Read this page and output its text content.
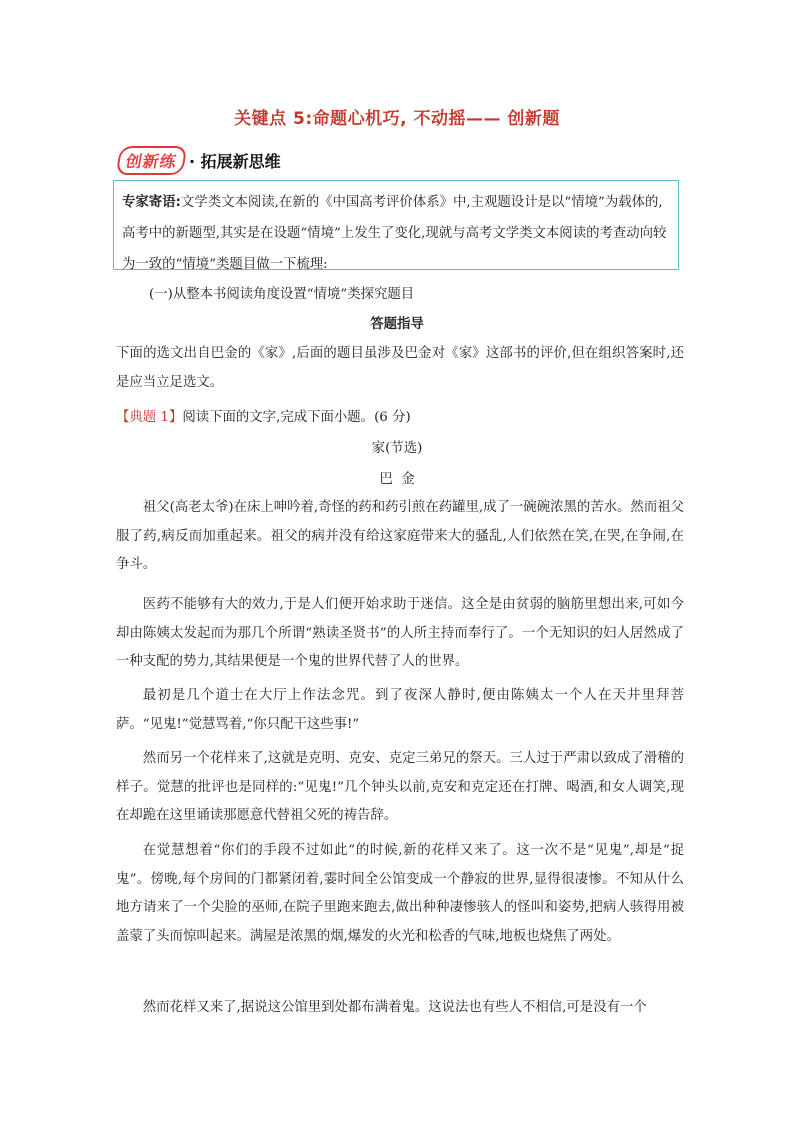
关键点 5:命题心机巧, 不动摇—— 创新题
创新练 · 拓展新思维
专家寄语:文学类文本阅读,在新的《中国高考评价体系》中,主观题设计是以“情境”为载体的,高考中的新题型,其实是在设题“情境”上发生了变化,现就与高考文学类文本阅读的考查动向较为一致的“情境”类题目做一下梳理:
(一)从整本书阅读角度设置“情境”类探究题目
答题指导
下面的选文出自巴金的《家》,后面的题目虽涉及巴金对《家》这部书的评价,但在组织答案时,还是应当立足选文。
【典题 1】阅读下面的文字,完成下面小题。(6 分)
家(节选)
巴  金
祖父(高老太爷)在床上呻吟着,奇怪的药和药引煎在药罐里,成了一碗碗浓黑的苦水。然而祖父服了药,病反而加重起来。祖父的病并没有给这家庭带来大的骚乱,人们依然在笑,在哭,在争闹,在争斗。
医药不能够有大的效力,于是人们便开始求助于迷信。这全是由贫弱的脑筋里想出来,可如今却由陈姨太发起而为那几个所谓“熟读圣贤书”的人所主持而奉行了。一个无知识的妇人居然成了一种支配的势力,其结果便是一个鬼的世界代替了人的世界。
最初是几个道士在大厅上作法念咒。到了夜深人静时,便由陈姨太一个人在天井里拜菩萨。“见鬼!”觉慧骂着,“你只配干这些事!”
然而另一个花样来了,这就是克明、克安、克定三弟兄的祭天。三人过于严肃以致成了滑稽的样子。觉慧的批评也是同样的:“见鬼!”几个钟头以前,克安和克定还在打牌、喝酒,和女人调笑,现在却跪在这里诵读那愿意代替祖父死的祷告辞。
在觉慧想着“你们的手段不过如此”的时候,新的花样又来了。这一次不是“见鬼”,却是“捉鬼”。傍晚,每个房间的门都紧闭着,霎时间全公馆变成一个静寂的世界,显得很凄惨。不知从什么地方请来了一个尖脸的巫师,在院子里跑来跑去,做出种种凄惨骇人的怪叫和姿势,把病人骇得用被盖蒙了头而惊叫起来。满屋是浓黑的烟,爆发的火光和松香的气味,地板也烧焦了两处。
然而花样又来了,据说这公馆里到处都布满着鬼。这说法也有些人不相信,可是没有一个
